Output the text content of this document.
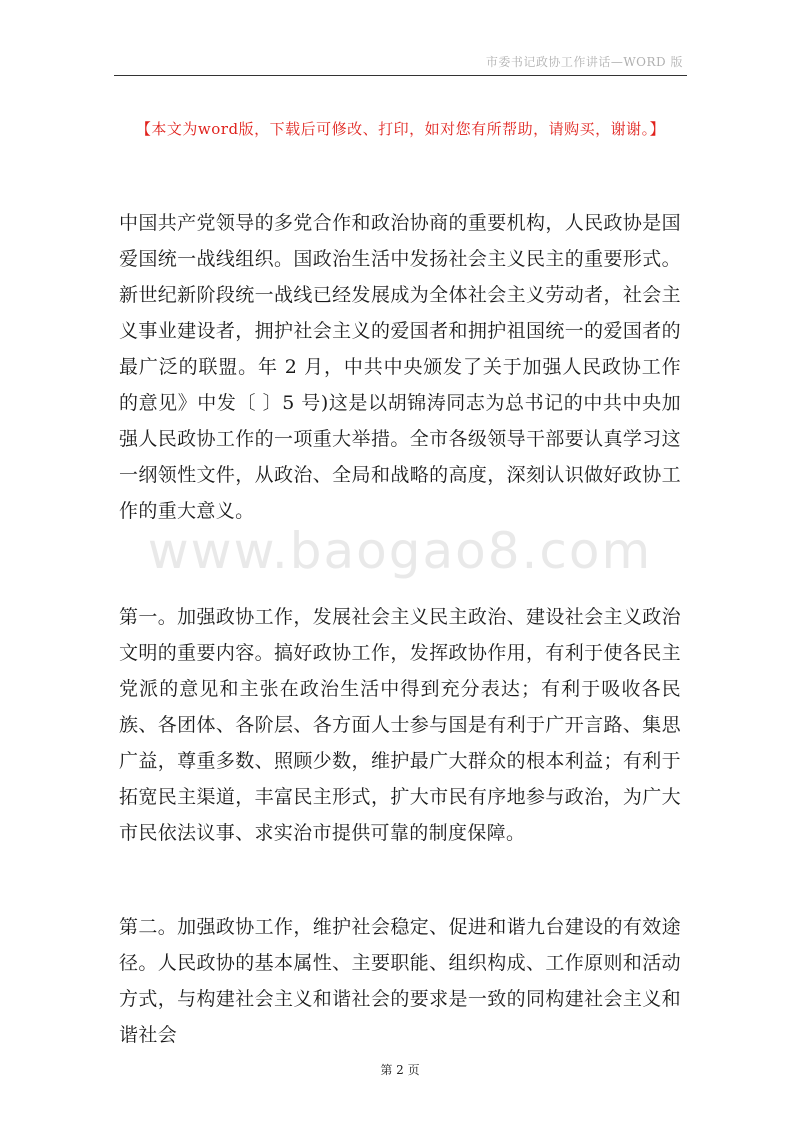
市委书记政协工作讲话—WORD 版
【本文为word版，下载后可修改、打印，如对您有所帮助，请购买，谢谢。】
www.baogao8.com

中国共产党领导的多党合作和政治协商的重要机构，人民政协是国爱国统一战线组织。国政治生活中发扬社会主义民主的重要形式。新世纪新阶段统一战线已经发展成为全体社会主义劳动者，社会主义事业建设者，拥护社会主义的爱国者和拥护祖国统一的爱国者的最广泛的联盟。年 2 月，中共中央颁发了关于加强人民政协工作的意见》中发〔 〕5 号)这是以胡锦涛同志为总书记的中共中央加强人民政协工作的一项重大举措。全市各级领导干部要认真学习这一纲领性文件，从政治、全局和战略的高度，深刻认识做好政协工作的重大意义。

第一。加强政协工作，发展社会主义民主政治、建设社会主义政治文明的重要内容。搞好政协工作，发挥政协作用，有利于使各民主党派的意见和主张在政治生活中得到充分表达；有利于吸收各民族、各团体、各阶层、各方面人士参与国是有利于广开言路、集思广益，尊重多数、照顾少数，维护最广大群众的根本利益；有利于拓宽民主渠道，丰富民主形式，扩大市民有序地参与政治，为广大市民依法议事、求实治市提供可靠的制度保障。

第二。加强政协工作，维护社会稳定、促进和谐九台建设的有效途径。人民政协的基本属性、主要职能、组织构成、工作原则和活动方式，与构建社会主义和谐社会的要求是一致的同构建社会主义和谐社会

第 2 页
